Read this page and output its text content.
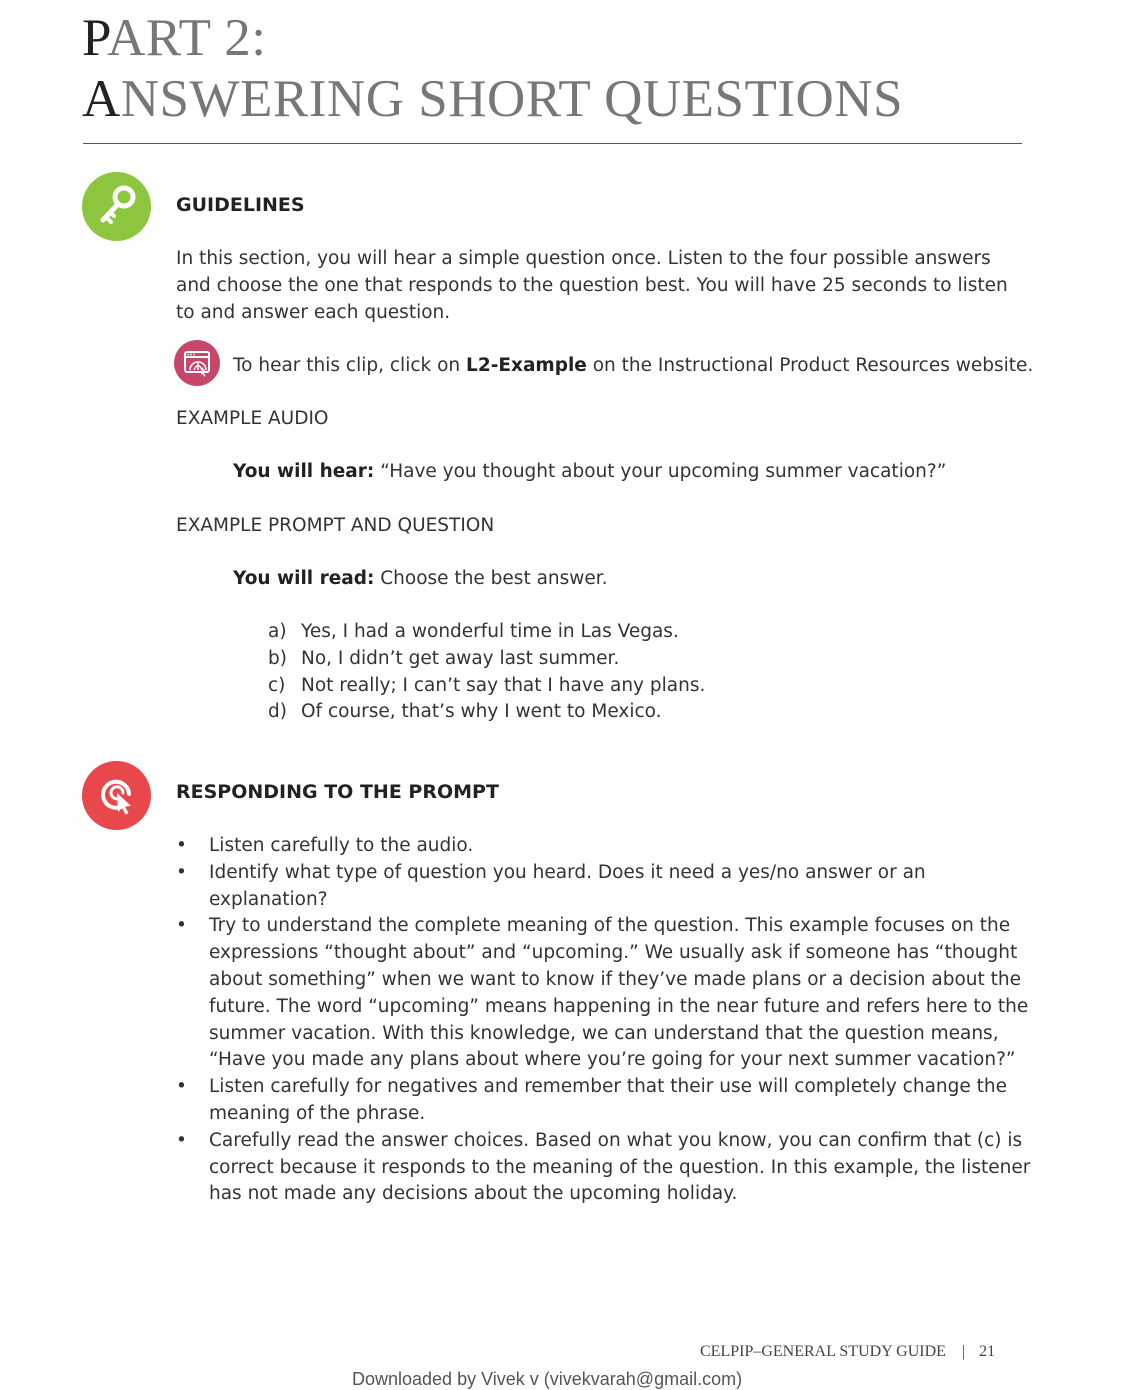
PART 2:
ANSWERING SHORT QUESTIONS
GUIDELINES

In this section, you will hear a simple question once. Listen to the four possible answers and choose the one that responds to the question best. You will have 25 seconds to listen to and answer each question.

To hear this clip, click on L2-Example on the Instructional Product Resources website.

EXAMPLE AUDIO

You will hear: “Have you thought about your upcoming summer vacation?”

EXAMPLE PROMPT AND QUESTION

You will read: Choose the best answer.

a) Yes, I had a wonderful time in Las Vegas.
b) No, I didn’t get away last summer.
c) Not really; I can’t say that I have any plans.
d) Of course, that’s why I went to Mexico.
RESPONDING TO THE PROMPT
• Listen carefully to the audio.
• Identify what type of question you heard. Does it need a yes/no answer or an explanation?
• Try to understand the complete meaning of the question. This example focuses on the expressions “thought about” and “upcoming.” We usually ask if someone has “thought about something” when we want to know if they’ve made plans or a decision about the future. The word “upcoming” means happening in the near future and refers here to the summer vacation. With this knowledge, we can understand that the question means, “Have you made any plans about where you’re going for your next summer vacation?”
• Listen carefully for negatives and remember that their use will completely change the meaning of the phrase.
• Carefully read the answer choices. Based on what you know, you can confirm that (c) is correct because it responds to the meaning of the question. In this example, the listener has not made any decisions about the upcoming holiday.
CELPIP–GENERAL STUDY GUIDE | 21
Downloaded by Vivek v (vivekvarah@gmail.com)
